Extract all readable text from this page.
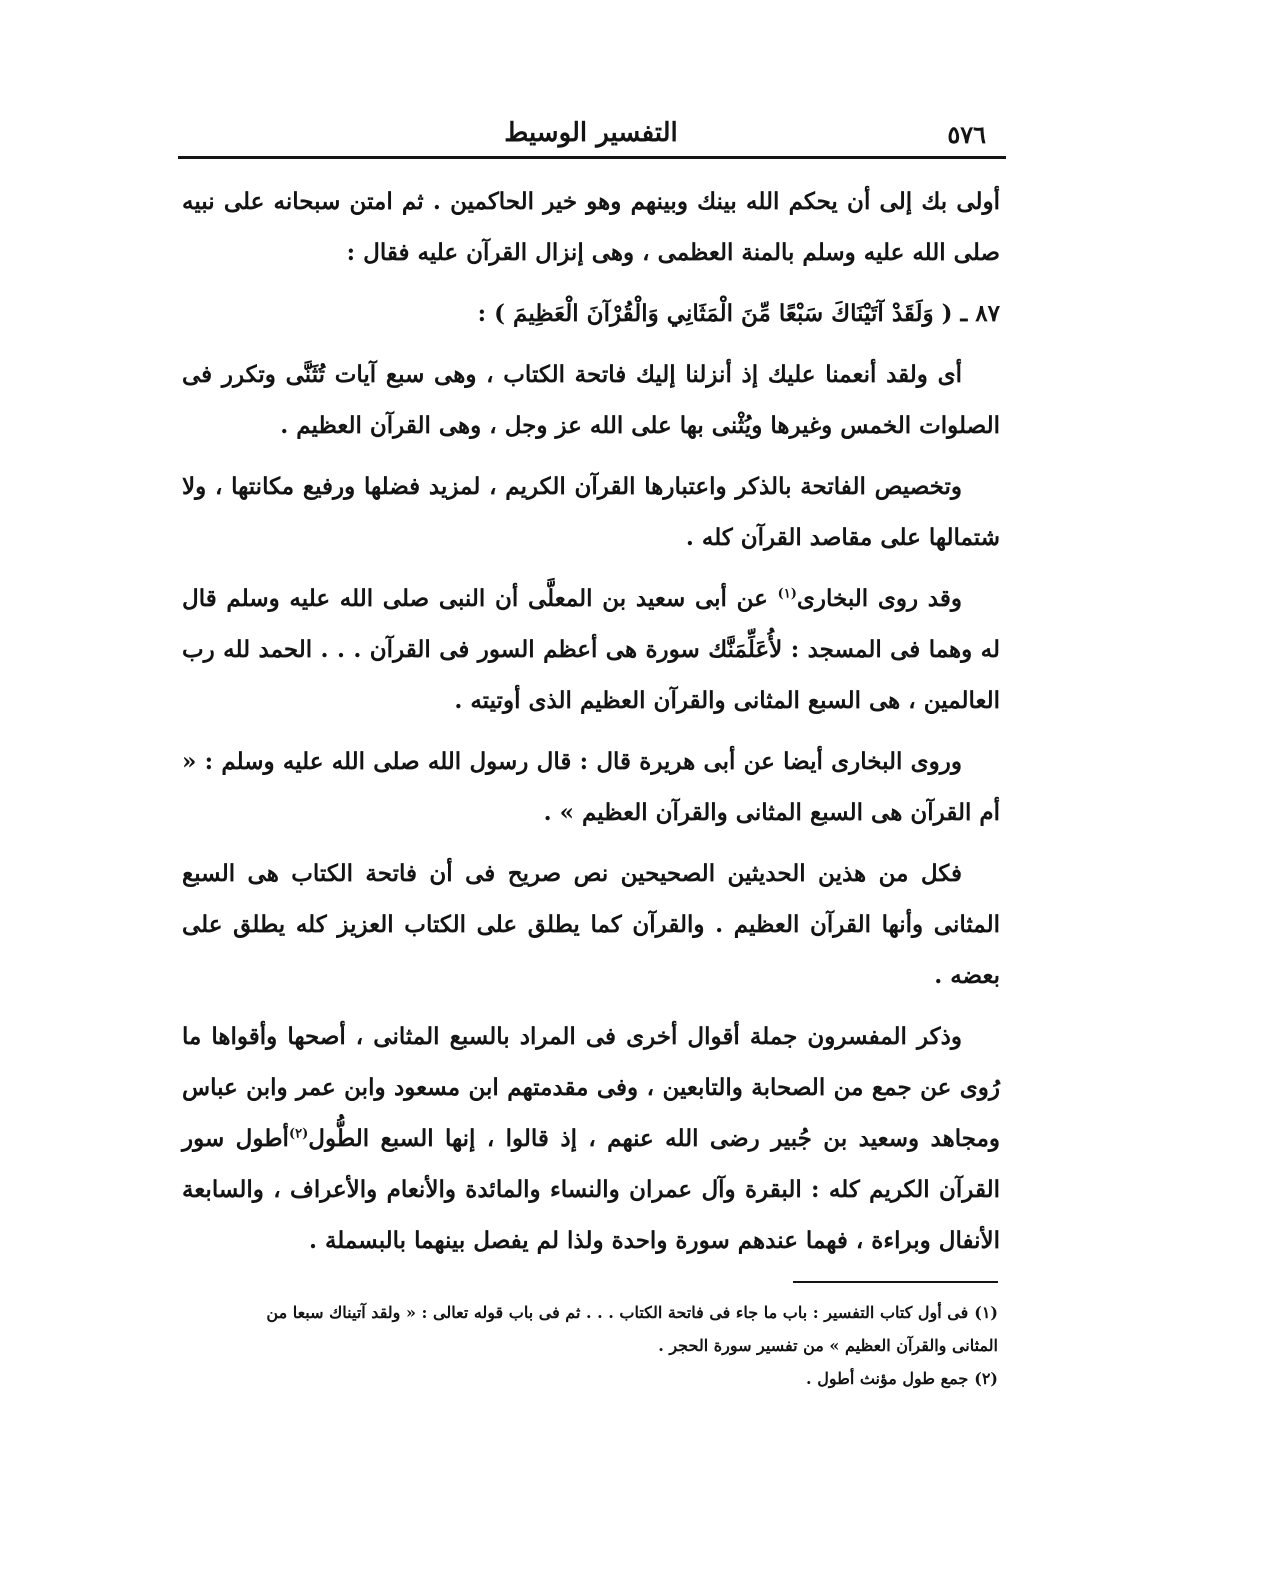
٥٧٦
التفسير الوسيط

أولى بك إلى أن يحكم الله بينك وبينهم وهو خير الحاكمين . ثم امتن سبحانه على نبيه صلى الله عليه وسلم بالمنة العظمى ، وهى إنزال القرآن عليه فقال :

٨٧ ـ( وَلَقَدْ آتَيْنَاكَ سَبْعًا مِّنَ الْمَثَانِي وَالْقُرْآنَ الْعَظِيمَ ) :

أى ولقد أنعمنا عليك إذ أنزلنا إليك فاتحة الكتاب ، وهى سبع آيات تُثَنَّى وتكرر فى الصلوات الخمس وغيرها ويُثْنى بها على الله عز وجل ، وهى القرآن العظيم .

وتخصيص الفاتحة بالذكر واعتبارها القرآن الكريم ، لمزيد فضلها ورفيع مكانتها ، ولا شتمالها على مقاصد القرآن كله .

وقد روى البخارى$^{(١)}$ عن أبى سعيد بن المعلَّى أن النبى صلى الله عليه وسلم قال له وهما فى المسجد : لأُعَلِّمَنَّك سورة هى أعظم السور فى القرآن . . . الحمد لله رب العالمين ، هى السبع المثانى والقرآن العظيم الذى أوتيته .

وروى البخارى أيضا عن أبى هريرة قال : قال رسول الله صلى الله عليه وسلم : « أم القرآن هى السبع المثانى والقرآن العظيم » .

فكل من هذين الحديثين الصحيحين نص صريح فى أن فاتحة الكتاب هى السبع المثانى وأنها القرآن العظيم . والقرآن كما يطلق على الكتاب العزيز كله يطلق على بعضه .

وذكر المفسرون جملة أقوال أخرى فى المراد بالسبع المثانى ، أصحها وأقواها ما رُوى عن جمع من الصحابة والتابعين ، وفى مقدمتهم ابن مسعود وابن عمر وابن عباس ومجاهد وسعيد بن جُبير رضى الله عنهم ، إذ قالوا ، إنها السبع الطُّول$^{(٢)}$أطول سور القرآن الكريم كله : البقرة وآل عمران والنساء والمائدة والأنعام والأعراف ، والسابعة الأنفال وبراءة ، فهما عندهم سورة واحدة ولذا لم يفصل بينهما بالبسملة .

(١)فى أول كتاب التفسير : باب ما جاء فى فاتحة الكتاب . . . ثم فى باب قوله تعالى : « ولقد آتيناك سبعا من المثانى والقرآن العظيم » من تفسير سورة الحجر .

(٢)جمع طول مؤنث أطول .
